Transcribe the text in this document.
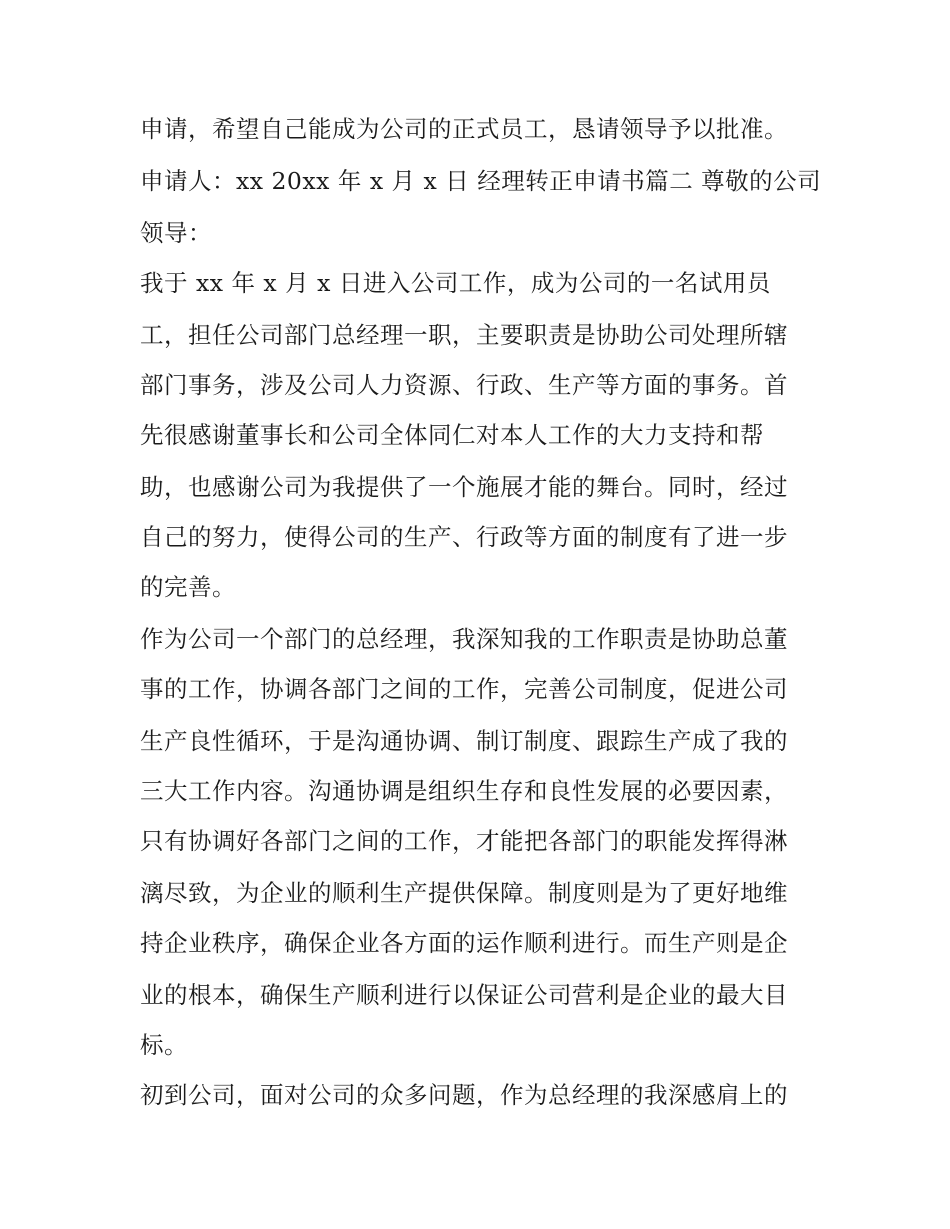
申请，希望自己能成为公司的正式员工，恳请领导予以批准。
申请人：xx 20xx 年 x 月 x 日 经理转正申请书篇二 尊敬的公司
领导：
我于 xx 年 x 月 x 日进入公司工作，成为公司的一名试用员
工，担任公司部门总经理一职，主要职责是协助公司处理所辖
部门事务，涉及公司人力资源、行政、生产等方面的事务。首
先很感谢董事长和公司全体同仁对本人工作的大力支持和帮
助，也感谢公司为我提供了一个施展才能的舞台。同时，经过
自己的努力，使得公司的生产、行政等方面的制度有了进一步
的完善。
作为公司一个部门的总经理，我深知我的工作职责是协助总董
事的工作，协调各部门之间的工作，完善公司制度，促进公司
生产良性循环，于是沟通协调、制订制度、跟踪生产成了我的
三大工作内容。沟通协调是组织生存和良性发展的必要因素，
只有协调好各部门之间的工作，才能把各部门的职能发挥得淋
漓尽致，为企业的顺利生产提供保障。制度则是为了更好地维
持企业秩序，确保企业各方面的运作顺利进行。而生产则是企
业的根本，确保生产顺利进行以保证公司营利是企业的最大目
标。
初到公司，面对公司的众多问题，作为总经理的我深感肩上的
